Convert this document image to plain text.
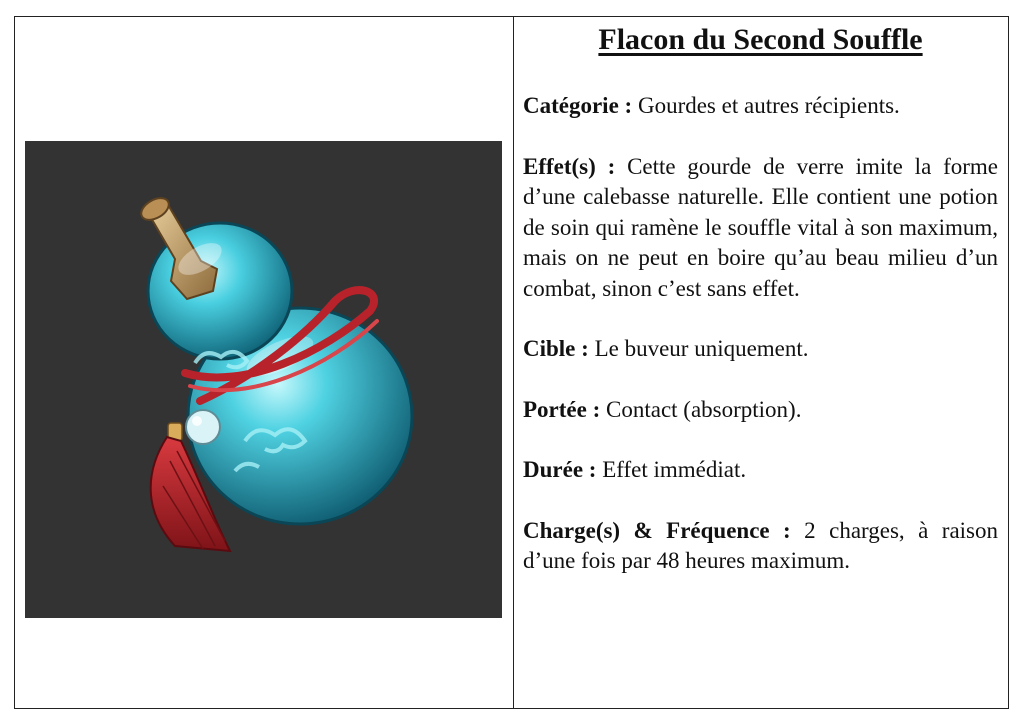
Flacon du Second Souffle
Catégorie : Gourdes et autres récipients.
Effet(s) : Cette gourde de verre imite la forme d’une calebasse naturelle. Elle contient une potion de soin qui ramène le souffle vital à son maximum, mais on ne peut en boire qu’au beau milieu d’un combat, sinon c’est sans effet.
Cible : Le buveur uniquement.
Portée : Contact (absorption).
Durée : Effet immédiat.
Charge(s) & Fréquence : 2 charges, à raison d’une fois par 48 heures maximum.
